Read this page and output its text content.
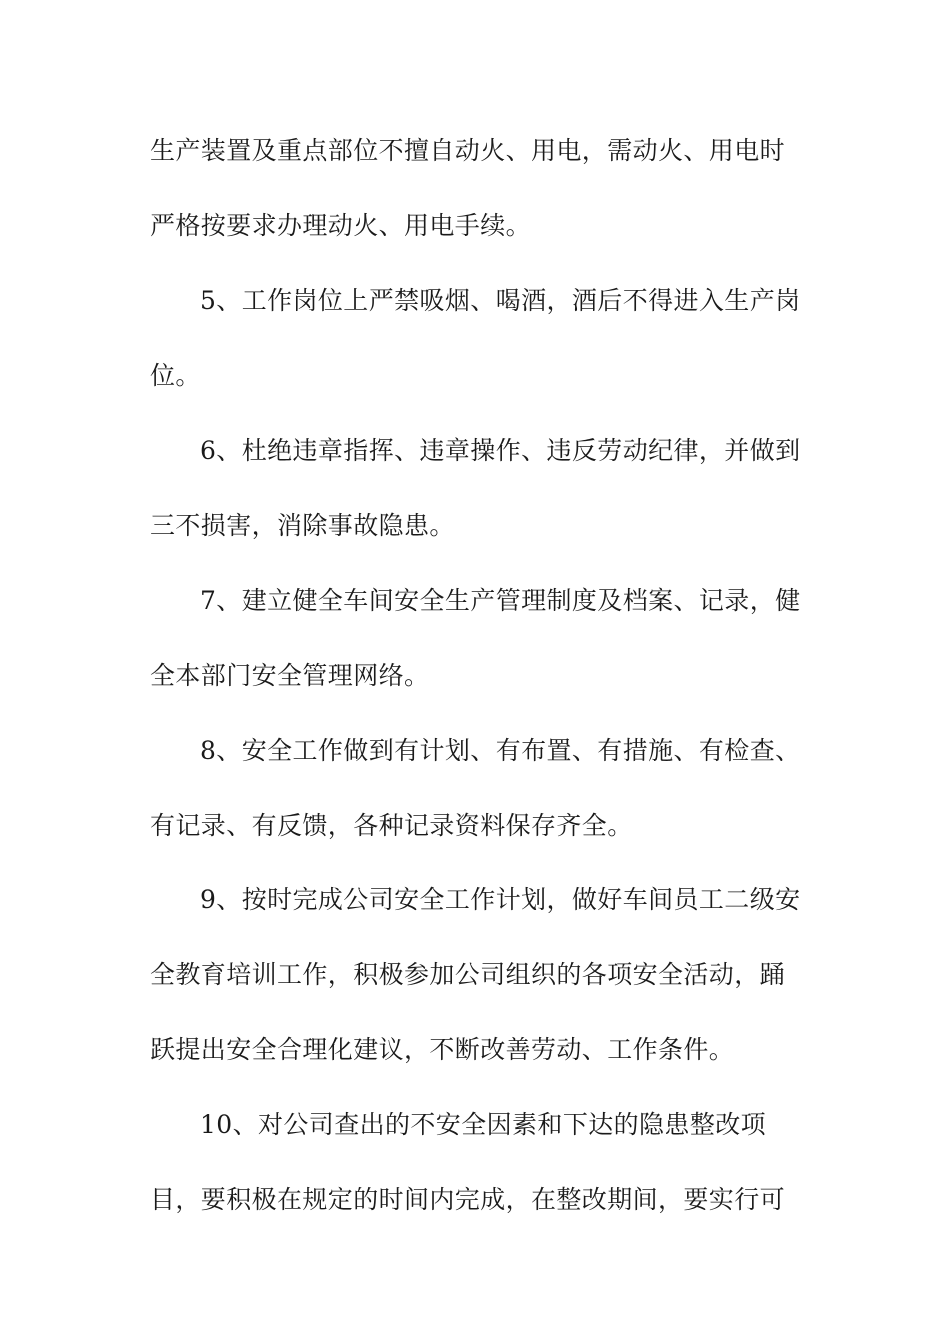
生产装置及重点部位不擅自动火、用电，需动火、用电时
严格按要求办理动火、用电手续。
5、工作岗位上严禁吸烟、喝酒，酒后不得进入生产岗
位。
6、杜绝违章指挥、违章操作、违反劳动纪律，并做到
三不损害，消除事故隐患。
7、建立健全车间安全生产管理制度及档案、记录，健
全本部门安全管理网络。
8、安全工作做到有计划、有布置、有措施、有检查、
有记录、有反馈，各种记录资料保存齐全。
9、按时完成公司安全工作计划，做好车间员工二级安
全教育培训工作，积极参加公司组织的各项安全活动，踊
跃提出安全合理化建议，不断改善劳动、工作条件。
10、对公司查出的不安全因素和下达的隐患整改项
目，要积极在规定的时间内完成，在整改期间，要实行可
